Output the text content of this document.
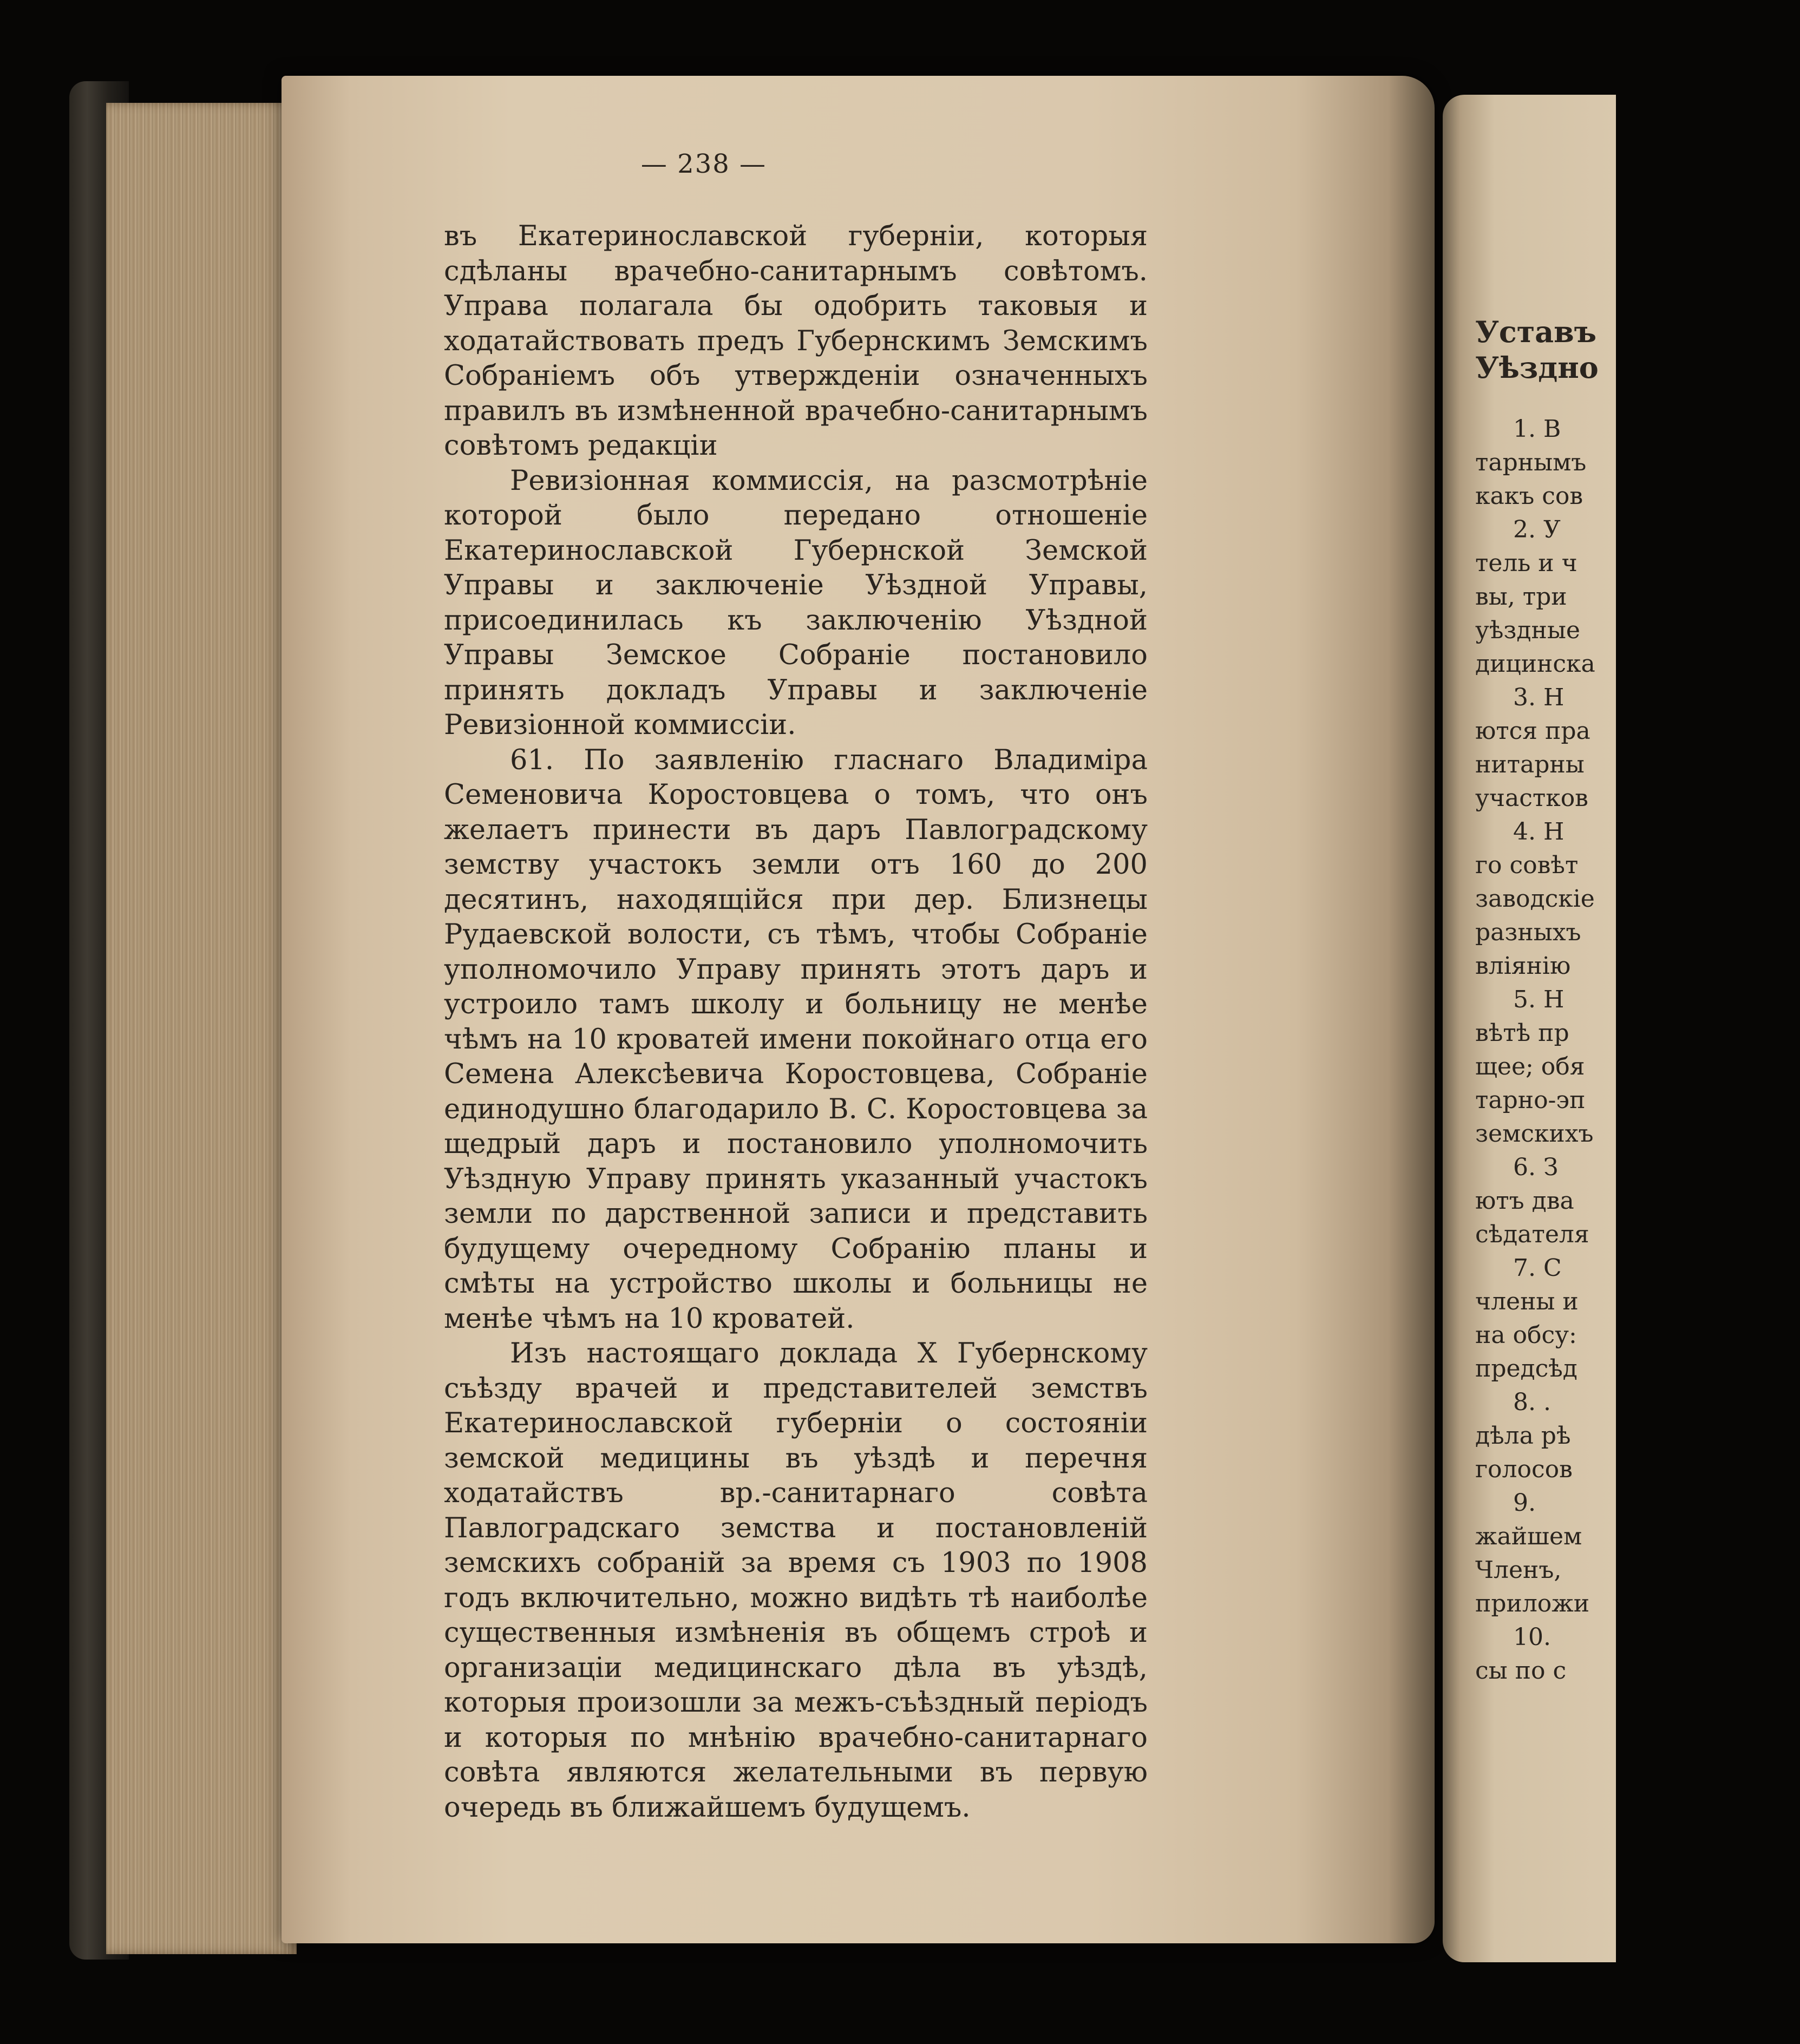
— 238 —

въ Екатеринославской губерніи, которыя сдѣланы врачебно-санитарнымъ совѣтомъ. Управа полагала бы одобрить таковыя и ходатайствовать предъ Губернскимъ Земскимъ Собраніемъ объ утвержденіи означенныхъ правилъ въ измѣненной врачебно-санитарнымъ совѣтомъ редакціи

Ревизіонная коммиссія, на разсмотрѣніе которой было передано отношеніе Екатеринославской Губернской Земской Управы и заключеніе Уѣздной Управы, присоединилась къ заключенію Уѣздной Управы Земское Собраніе постановило принять докладъ Управы и заключеніе Ревизіонной коммиссіи.

61. По заявленію гласнаго Владиміра Семеновича Коростовцева о томъ, что онъ желаетъ принести въ даръ Павлоградскому земству участокъ земли отъ 160 до 200 десятинъ, находящійся при дер. Близнецы Рудаевской волости, съ тѣмъ, чтобы Собраніе уполномочило Управу принять этотъ даръ и устроило тамъ школу и больницу не менѣе чѣмъ на 10 кроватей имени покойнаго отца его Семена Алексѣевича Коростовцева, Собраніе единодушно благодарило В. С. Коростовцева за щедрый даръ и постановило уполномочить Уѣздную Управу принять указанный участокъ земли по дарственной записи и представить будущему очередному Собранію планы и смѣты на устройство школы и больницы не менѣе чѣмъ на 10 кроватей.

Изъ настоящаго доклада X Губернскому съѣзду врачей и представителей земствъ Екатеринославской губерніи о состояніи земской медицины въ уѣздѣ и перечня ходатайствъ вр.-санитарнаго совѣта Павлоградскаго земства и постановленій земскихъ собраній за время съ 1903 по 1908 годъ включительно, можно видѣть тѣ наиболѣе существенныя измѣненія въ общемъ строѣ и организаціи медицинскаго дѣла въ уѣздѣ, которыя произошли за межъ-съѣздный періодъ и которыя по мнѣнію врачебно-санитарнаго совѣта являются желательными въ первую очередь въ ближайшемъ будущемъ.

Уставъ
Уѣздно
1. В
тарнымъ
какъ сов
2. У
тель и ч
вы, три
уѣздные
дицинска
3. Н
ются пра
нитарны
участков
4. Н
го совѣт
заводскіе
разныхъ
вліянію
5. Н
вѣтѣ пр
щее; обя
тарно-эп
земскихъ
6. З
ютъ два
сѣдателя
7. С
члены и
на обсу:
предсѣд
8. .
дѣла рѣ
голосов
9.
жайшем
Членъ,
приложи
10.
сы по с
